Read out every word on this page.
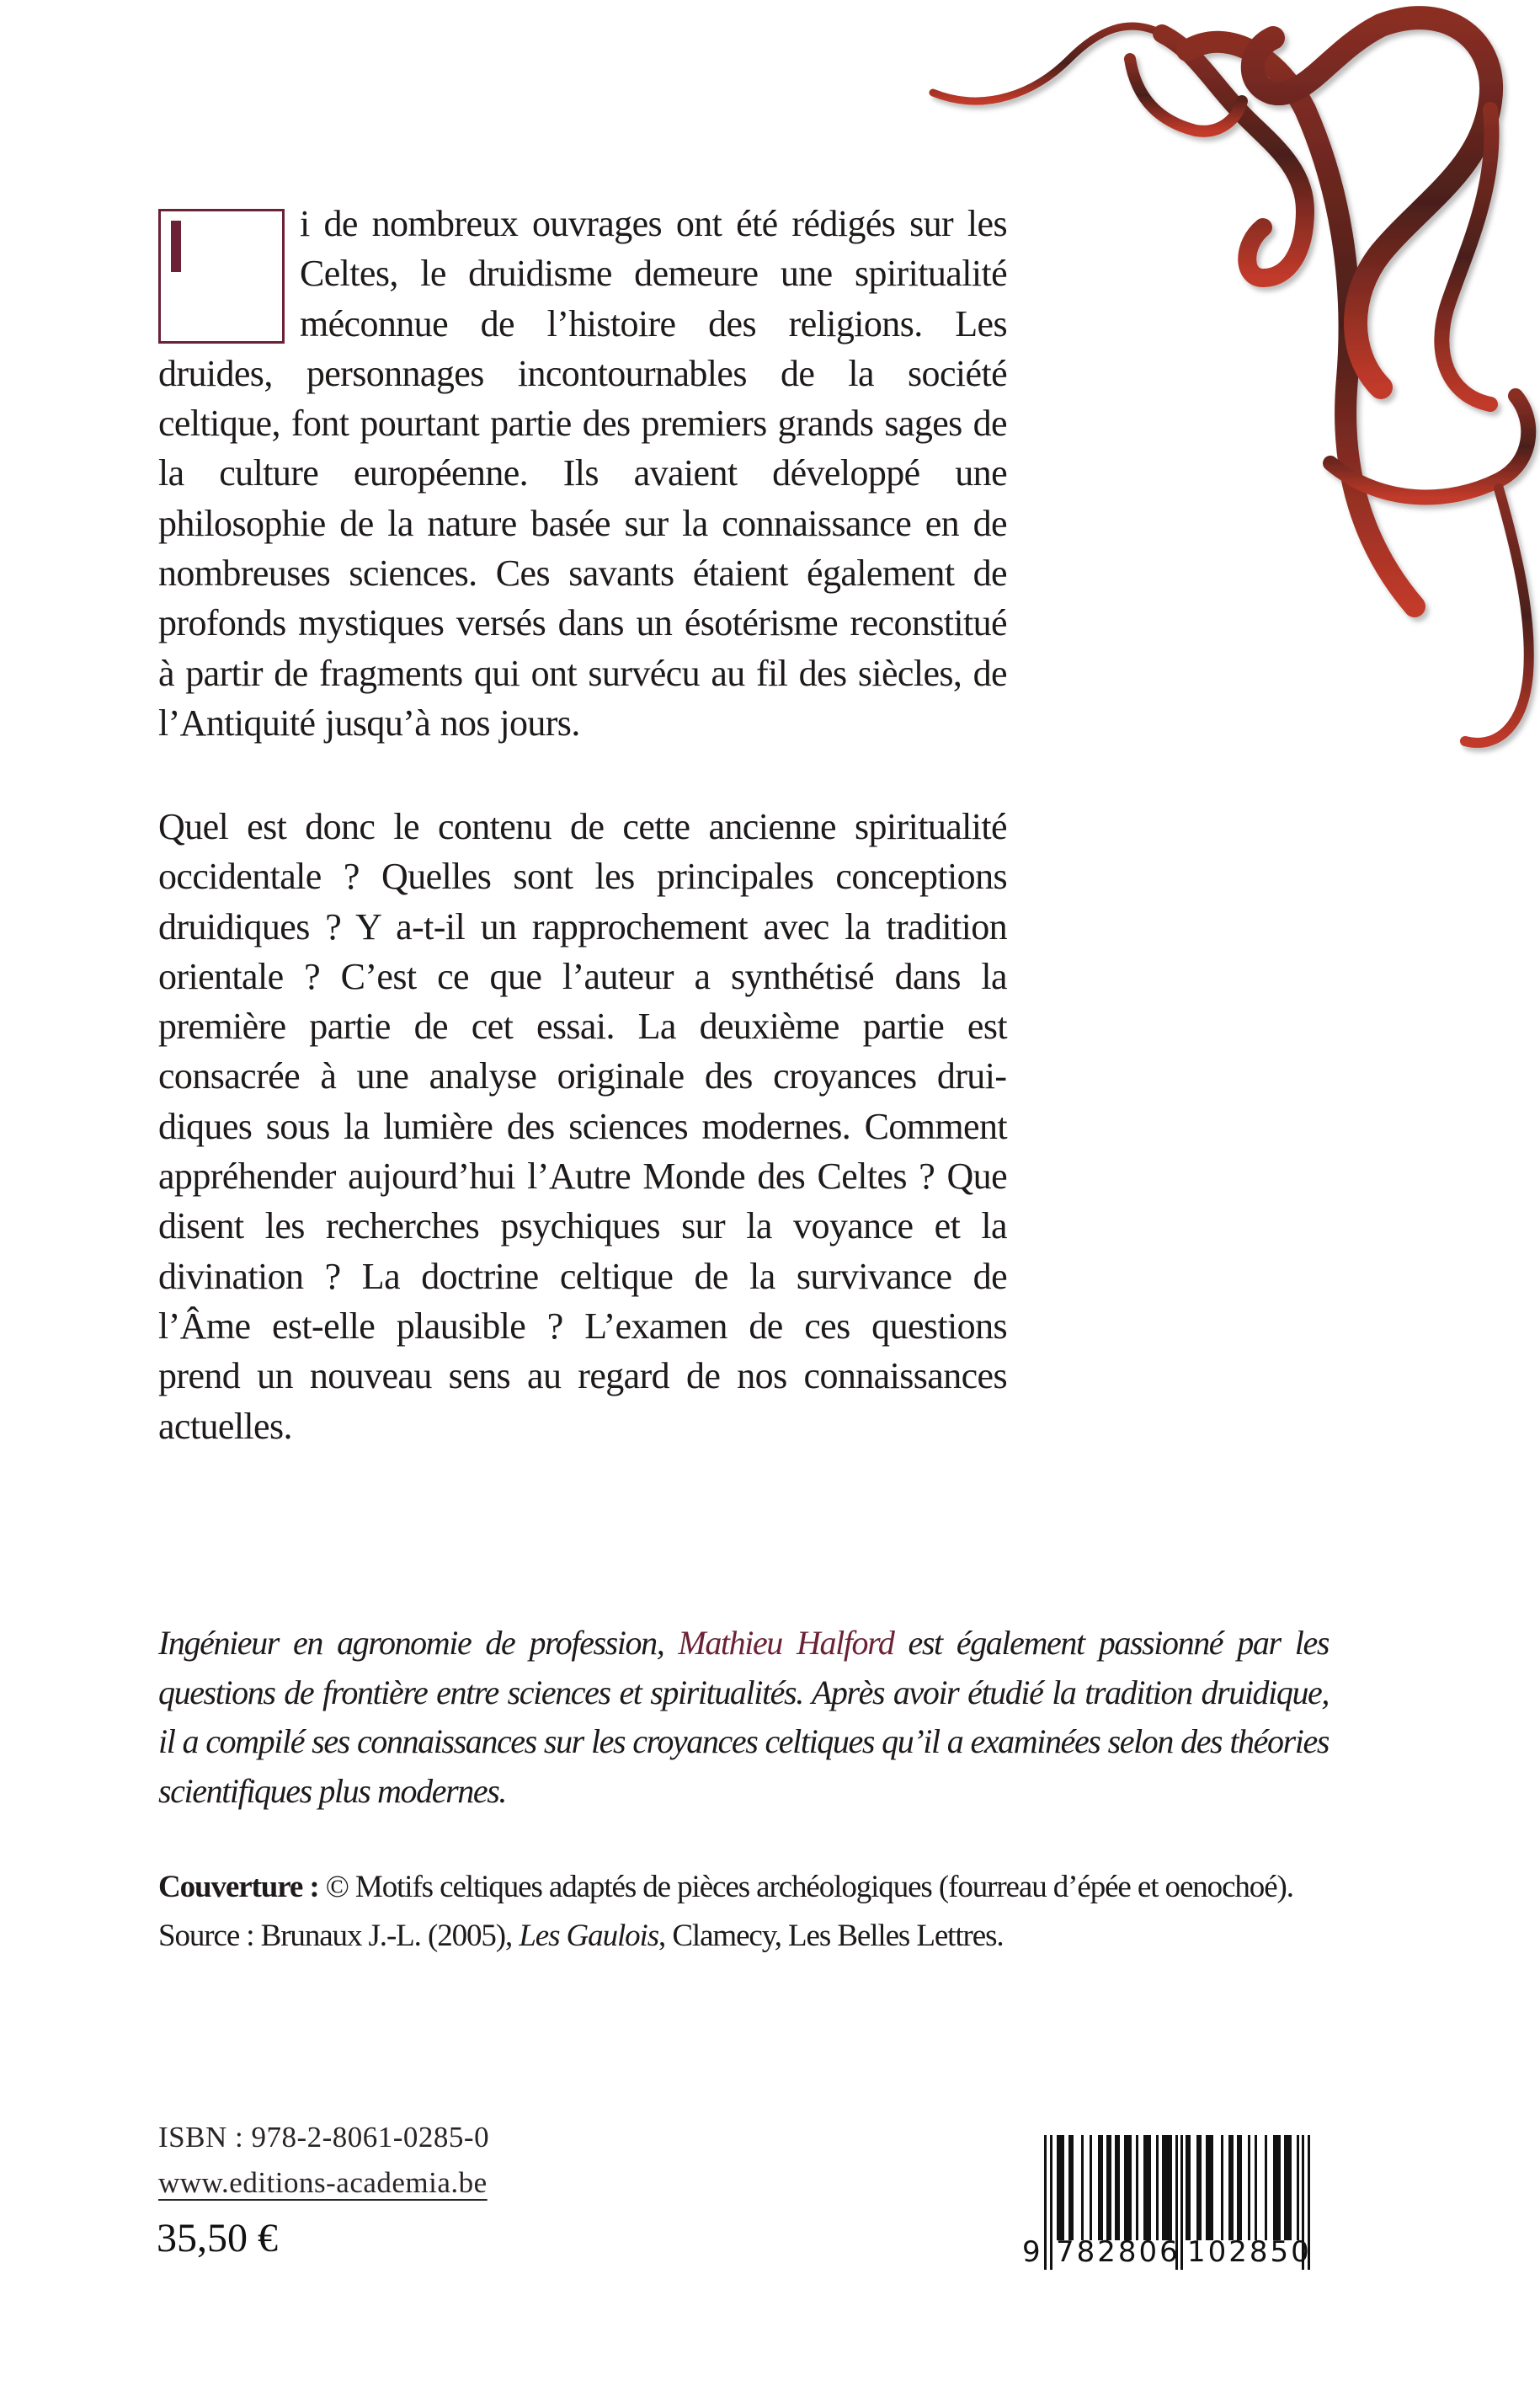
i de nombreux ouvrages ont été rédigés sur les Celtes, le druidisme demeure une spiritualité méconnue de l’histoire des religions. Les druides, personnages incontournables de la société celtique, font pourtant partie des premiers grands sages de la culture européenne. Ils avaient développé une philosophie de la nature basée sur la connaissance en de nombreuses sciences. Ces savants étaient également de profonds mystiques versés dans un ésotérisme reconstitué à partir de fragments qui ont survécu au fil des siècles, de l’Antiquité jusqu’à nos jours.

Quel est donc le contenu de cette ancienne spiritualité occidentale ? Quelles sont les principales conceptions druidiques ? Y a-t-il un rapprochement avec la tradition orientale ? C’est ce que l’auteur a synthétisé dans la première partie de cet essai. La deuxième partie est consacrée à une analyse originale des croyances druidiques sous la lumière des sciences modernes. Comment appréhender aujourd’hui l’Autre Monde des Celtes ? Que disent les recherches psychiques sur la voyance et la divination ? La doctrine celtique de la survivance de l’Âme est-elle plausible ? L’examen de ces questions prend un nouveau sens au regard de nos connaissances actuelles.

Ingénieur en agronomie de profession, Mathieu Halford est également passionné par les questions de frontière entre sciences et spiritualités. Après avoir étudié la tradition druidique, il a compilé ses connaissances sur les croyances celtiques qu’il a examinées selon des théories scientifiques plus modernes.

Couverture : © Motifs celtiques adaptés de pièces archéologiques (fourreau d’épée et oenochoé). Source : Brunaux J.-L. (2005), Les Gaulois, Clamecy, Les Belles Lettres.

ISBN : 978-2-8061-0285-0
www.editions-academia.be
35,50 €	9 782806 102850
